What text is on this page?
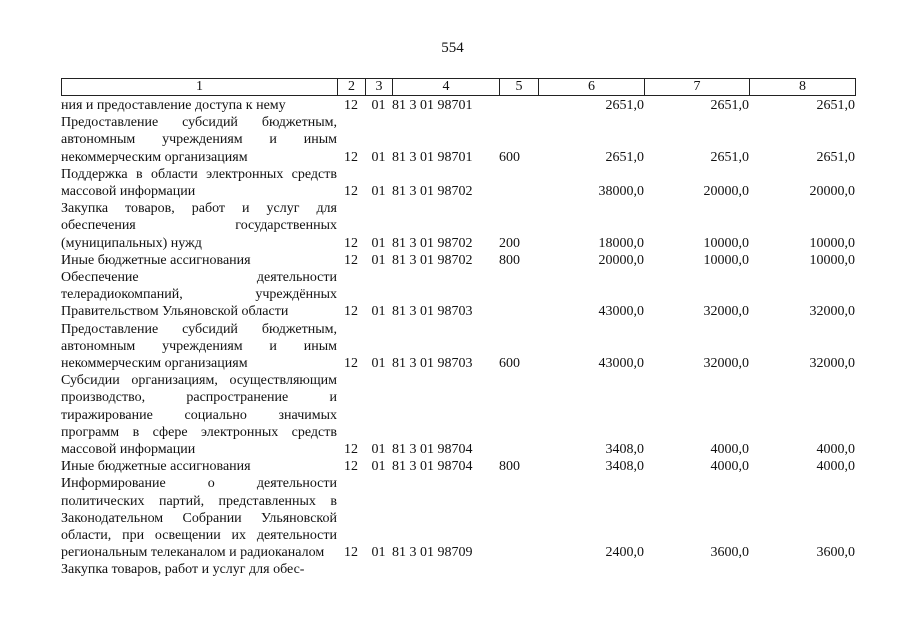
554
1	2	3	4	5	6	7	8
ния и предоставление доступа к нему	12	01	81 3 01 98701		2651,0	2651,0	2651,0
Предоставление субсидий бюджетным, автономным учреждениям и иным некоммерческим организациям	12	01	81 3 01 98701	600	2651,0	2651,0	2651,0
Поддержка в области электронных средств массовой информации	12	01	81 3 01 98702		38000,0	20000,0	20000,0
Закупка товаров, работ и услуг для обеспечения государственных (муниципальных) нужд	12	01	81 3 01 98702	200	18000,0	10000,0	10000,0
Иные бюджетные ассигнования	12	01	81 3 01 98702	800	20000,0	10000,0	10000,0
Обеспечение деятельности телерадиокомпаний, учреждённых Правительством Ульяновской области	12	01	81 3 01 98703		43000,0	32000,0	32000,0
Предоставление субсидий бюджетным, автономным учреждениям и иным некоммерческим организациям	12	01	81 3 01 98703	600	43000,0	32000,0	32000,0
Субсидии организациям, осуществляющим производство, распространение и тиражирование социально значимых программ в сфере электронных средств массовой информации	12	01	81 3 01 98704		3408,0	4000,0	4000,0
Иные бюджетные ассигнования	12	01	81 3 01 98704	800	3408,0	4000,0	4000,0
Информирование о деятельности политических партий, представленных в Законодательном Собрании Ульяновской области, при освещении их деятельности региональным телеканалом и радиоканалом	12	01	81 3 01 98709		2400,0	3600,0	3600,0
Закупка товаров, работ и услуг для обес-							
